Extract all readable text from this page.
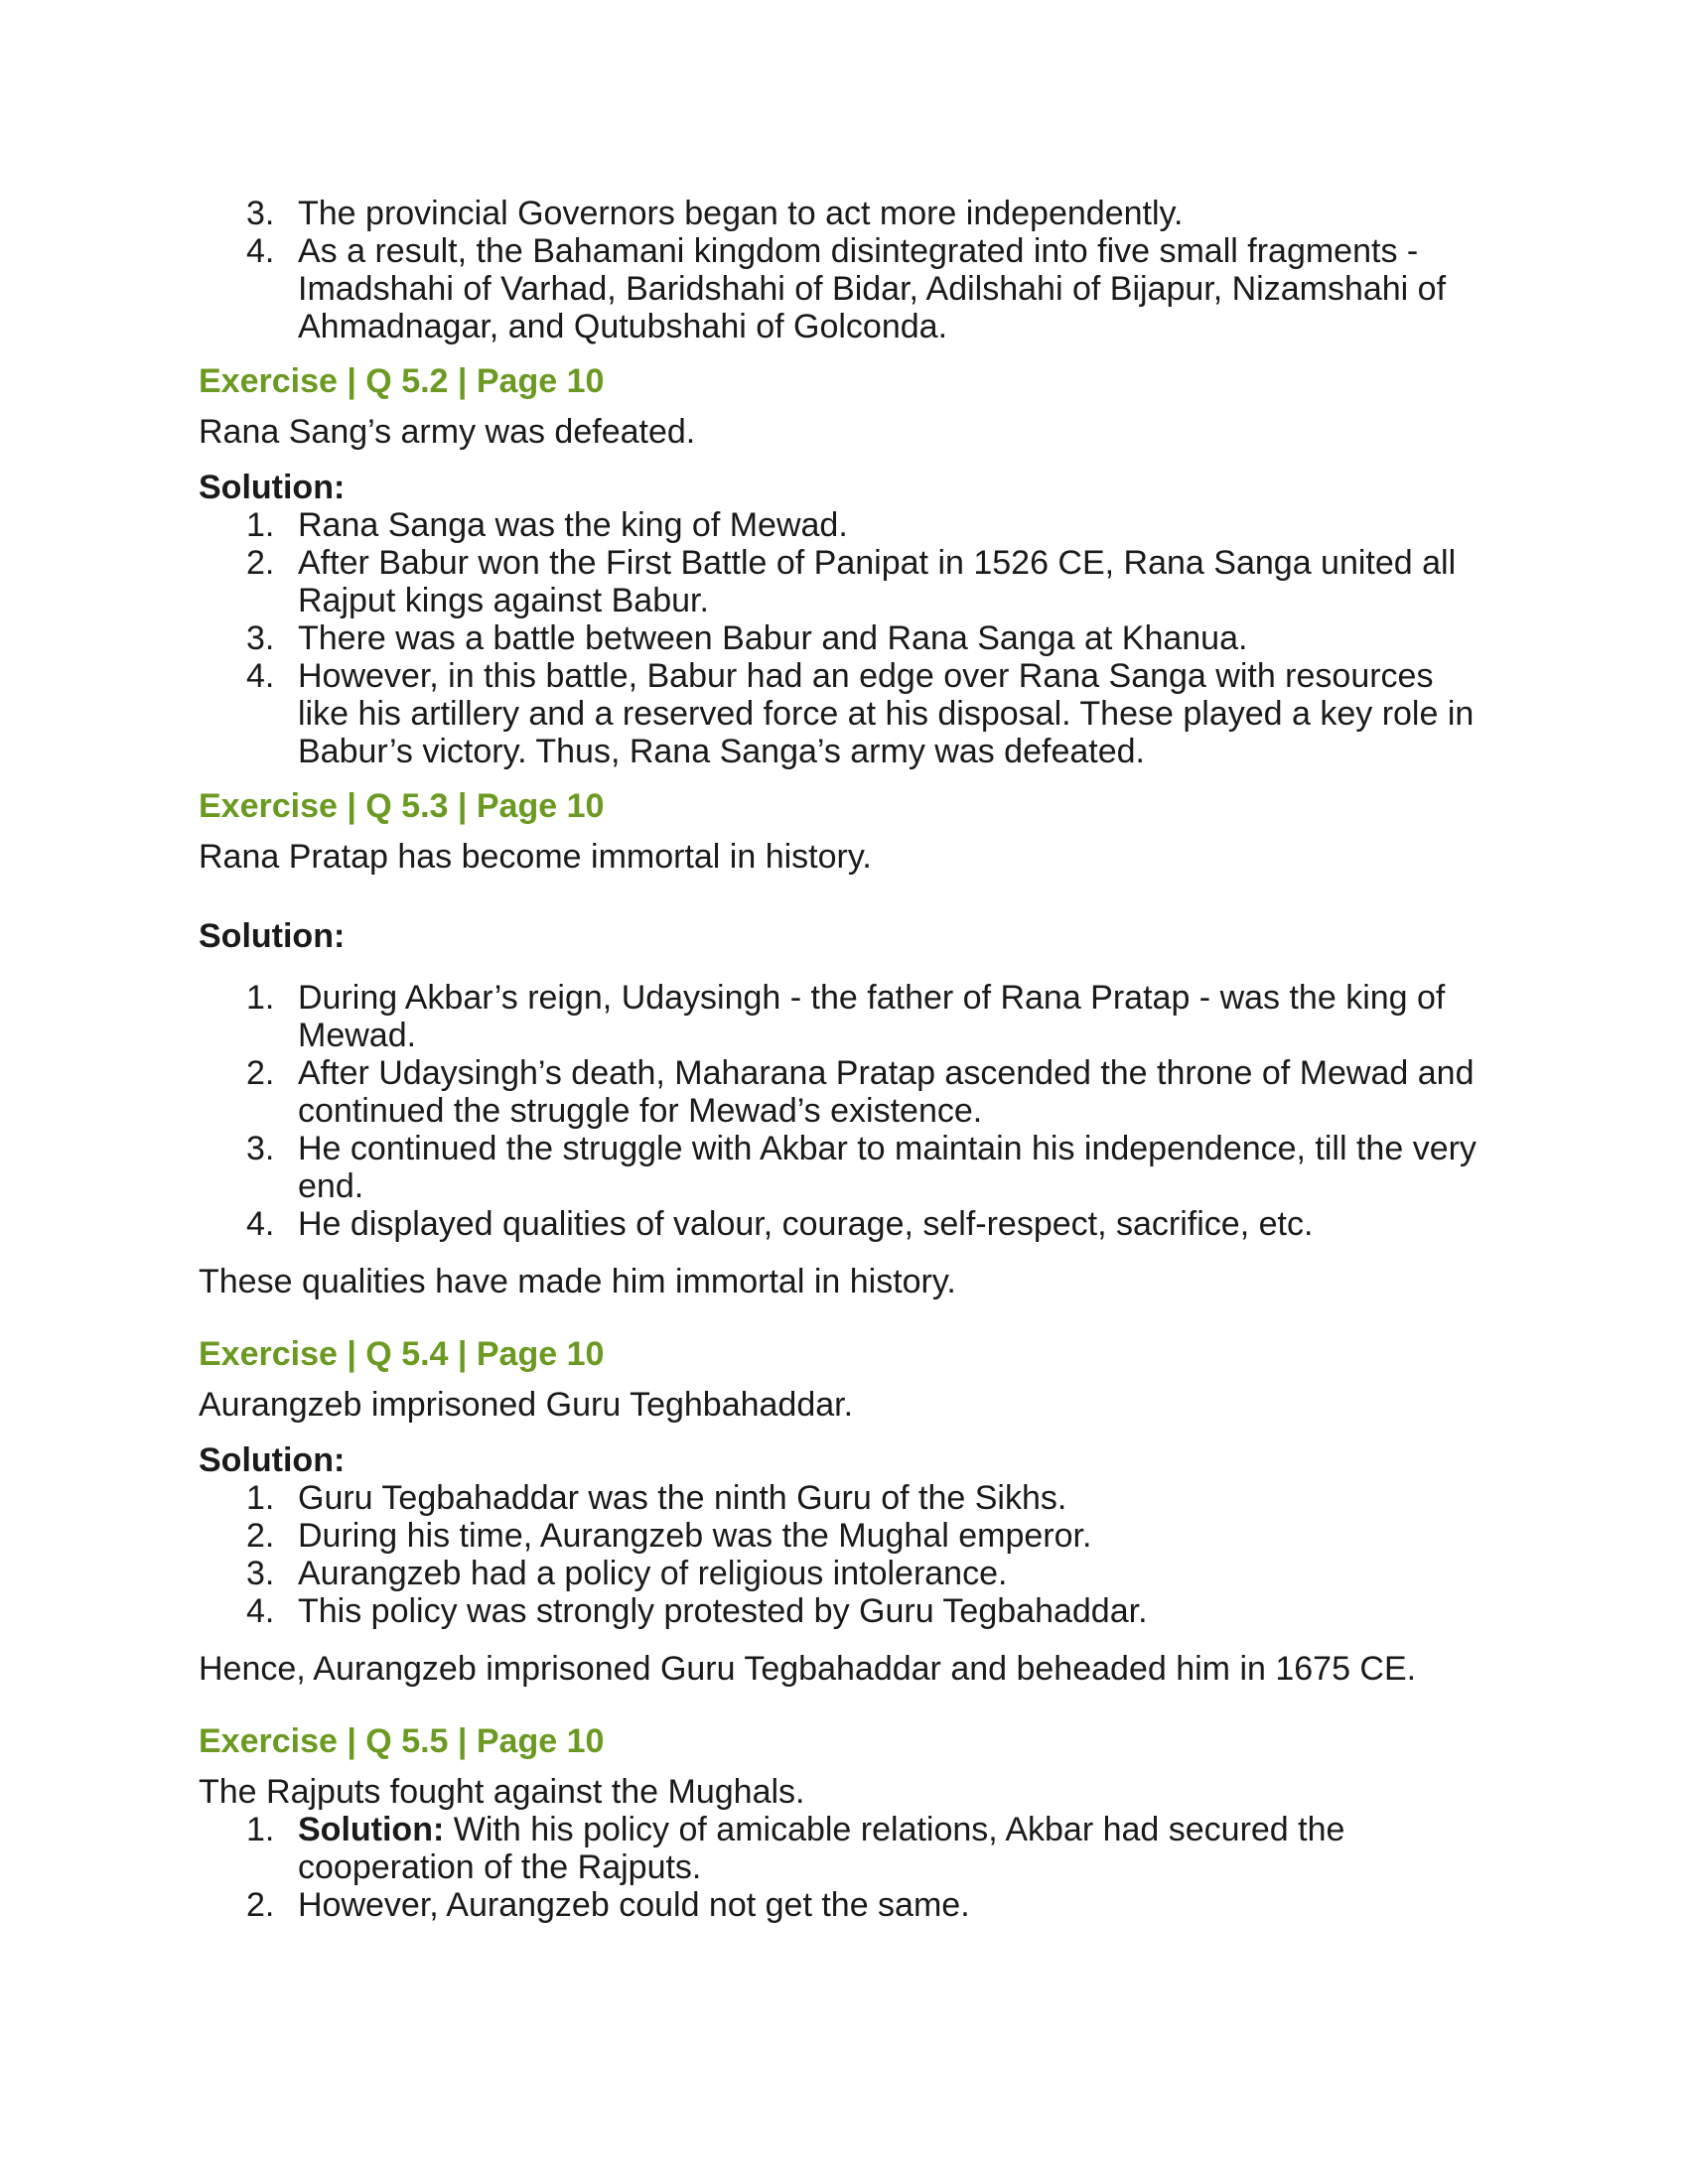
3. The provincial Governors began to act more independently.
4. As a result, the Bahamani kingdom disintegrated into five small fragments - Imadshahi of Varhad, Baridshahi of Bidar, Adilshahi of Bijapur, Nizamshahi of Ahmadnagar, and Qutubshahi of Golconda.

Exercise | Q 5.2 | Page 10

Rana Sang’s army was defeated.

Solution:

1. Rana Sanga was the king of Mewad.
2. After Babur won the First Battle of Panipat in 1526 CE, Rana Sanga united all Rajput kings against Babur.
3. There was a battle between Babur and Rana Sanga at Khanua.
4. However, in this battle, Babur had an edge over Rana Sanga with resources like his artillery and a reserved force at his disposal. These played a key role in Babur’s victory. Thus, Rana Sanga’s army was defeated.

Exercise | Q 5.3 | Page 10

Rana Pratap has become immortal in history.

Solution:

1. During Akbar’s reign, Udaysingh - the father of Rana Pratap - was the king of Mewad.
2. After Udaysingh’s death, Maharana Pratap ascended the throne of Mewad and continued the struggle for Mewad’s existence.
3. He continued the struggle with Akbar to maintain his independence, till the very end.
4. He displayed qualities of valour, courage, self-respect, sacrifice, etc.

These qualities have made him immortal in history.

Exercise | Q 5.4 | Page 10

Aurangzeb imprisoned Guru Teghbahaddar.

Solution:

1. Guru Tegbahaddar was the ninth Guru of the Sikhs.
2. During his time, Aurangzeb was the Mughal emperor.
3. Aurangzeb had a policy of religious intolerance.
4. This policy was strongly protested by Guru Tegbahaddar.

Hence, Aurangzeb imprisoned Guru Tegbahaddar and beheaded him in 1675 CE.

Exercise | Q 5.5 | Page 10

The Rajputs fought against the Mughals.

1. Solution: With his policy of amicable relations, Akbar had secured the cooperation of the Rajputs.
2. However, Aurangzeb could not get the same.
